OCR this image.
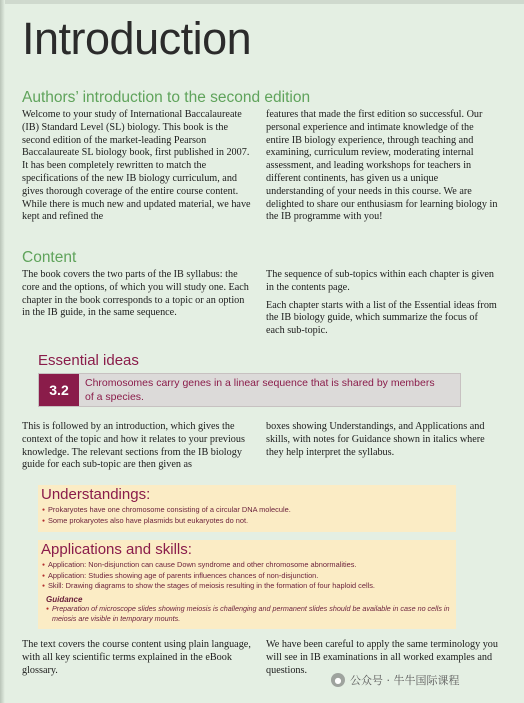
Introduction
Authors’ introduction to the second edition

Welcome to your study of International Baccalaureate (IB) Standard Level (SL) biology. This book is the second edition of the market-leading Pearson Baccalaureate SL biology book, first published in 2007. It has been completely rewritten to match the specifications of the new IB biology curriculum, and gives thorough coverage of the entire course content. While there is much new and updated material, we have kept and refined the

features that made the first edition so successful. Our personal experience and intimate knowledge of the entire IB biology experience, through teaching and examining, curriculum review, moderating internal assessment, and leading workshops for teachers in different continents, has given us a unique understanding of your needs in this course. We are delighted to share our enthusiasm for learning biology in the IB programme with you!

Content

The book covers the two parts of the IB syllabus: the core and the options, of which you will study one. Each chapter in the book corresponds to a topic or an option in the IB guide, in the same sequence.

The sequence of sub-topics within each chapter is given in the contents page.

Each chapter starts with a list of the Essential ideas from the IB biology guide, which summarize the focus of each sub-topic.

Essential ideas
3.2	Chromosomes carry genes in a linear sequence that is shared by members of a species.

This is followed by an introduction, which gives the context of the topic and how it relates to your previous knowledge. The relevant sections from the IB biology guide for each sub-topic are then given as

boxes showing Understandings, and Applications and skills, with notes for Guidance shown in italics where they help interpret the syllabus.

Understandings:
● Prokaryotes have one chromosome consisting of a circular DNA molecule.
● Some prokaryotes also have plasmids but eukaryotes do not.
Applications and skills:
● Application: Non-disjunction can cause Down syndrome and other chromosome abnormalities.
● Application: Studies showing age of parents influences chances of non-disjunction.
● Skill: Drawing diagrams to show the stages of meiosis resulting in the formation of four haploid cells.
Guidance
● Preparation of microscope slides showing meiosis is challenging and permanent slides should be available in case no cells in meiosis are visible in temporary mounts.

The text covers the course content using plain language, with all key scientific terms explained in the eBook glossary.

We have been careful to apply the same terminology you will see in IB examinations in all worked examples and questions.

● 公众号 · 牛牛国际课程
